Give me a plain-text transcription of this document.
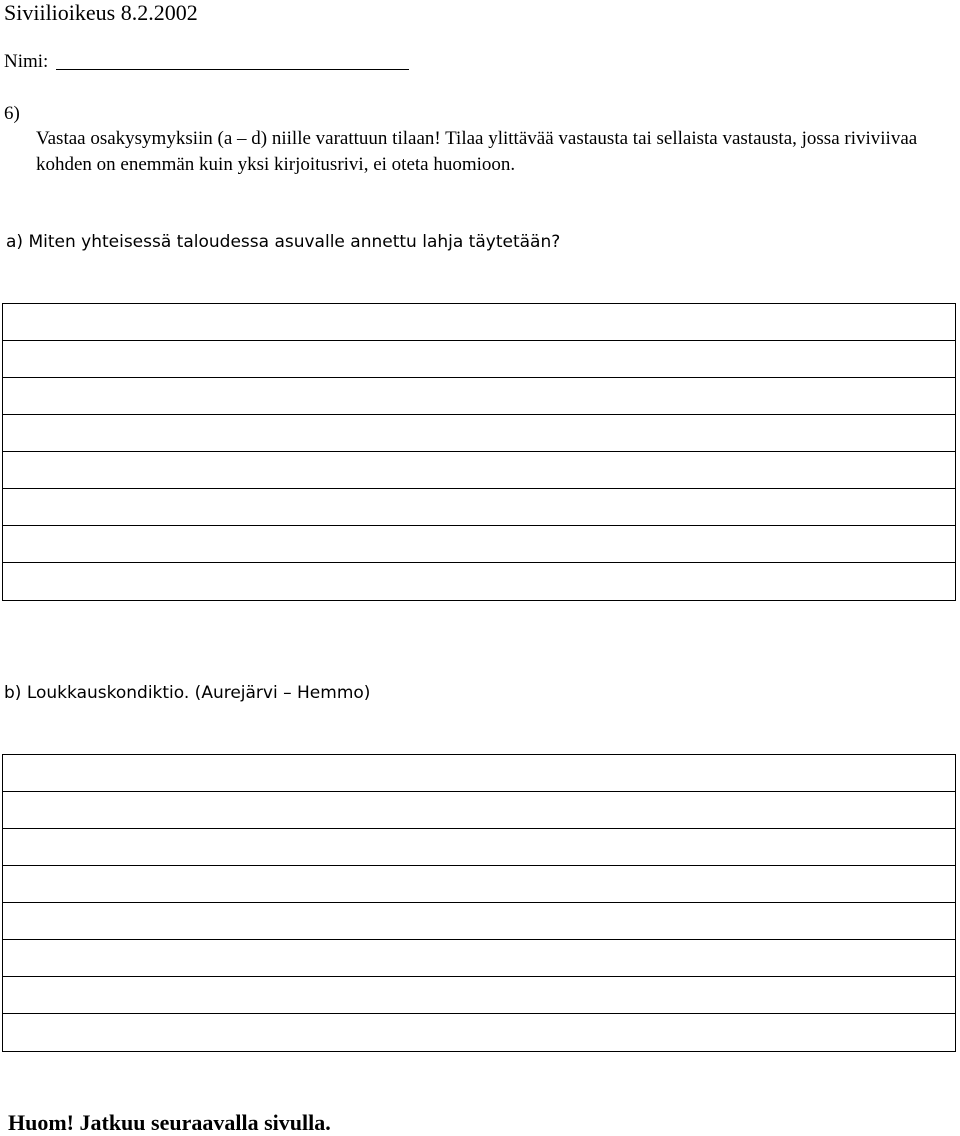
Siviilioikeus 8.2.2002
Nimi:
6)
Vastaa osakysymyksiin (a – d) niille varattuun tilaan! Tilaa ylittävää vastausta tai sellaista vastausta, jossa riviviivaa kohden on enemmän kuin yksi kirjoitusrivi, ei oteta huomioon.
a) Miten yhteisessä taloudessa asuvalle annettu lahja täytetään?
b) Loukkauskondiktio. (Aurejärvi – Hemmo)
Huom! Jatkuu seuraavalla sivulla.
